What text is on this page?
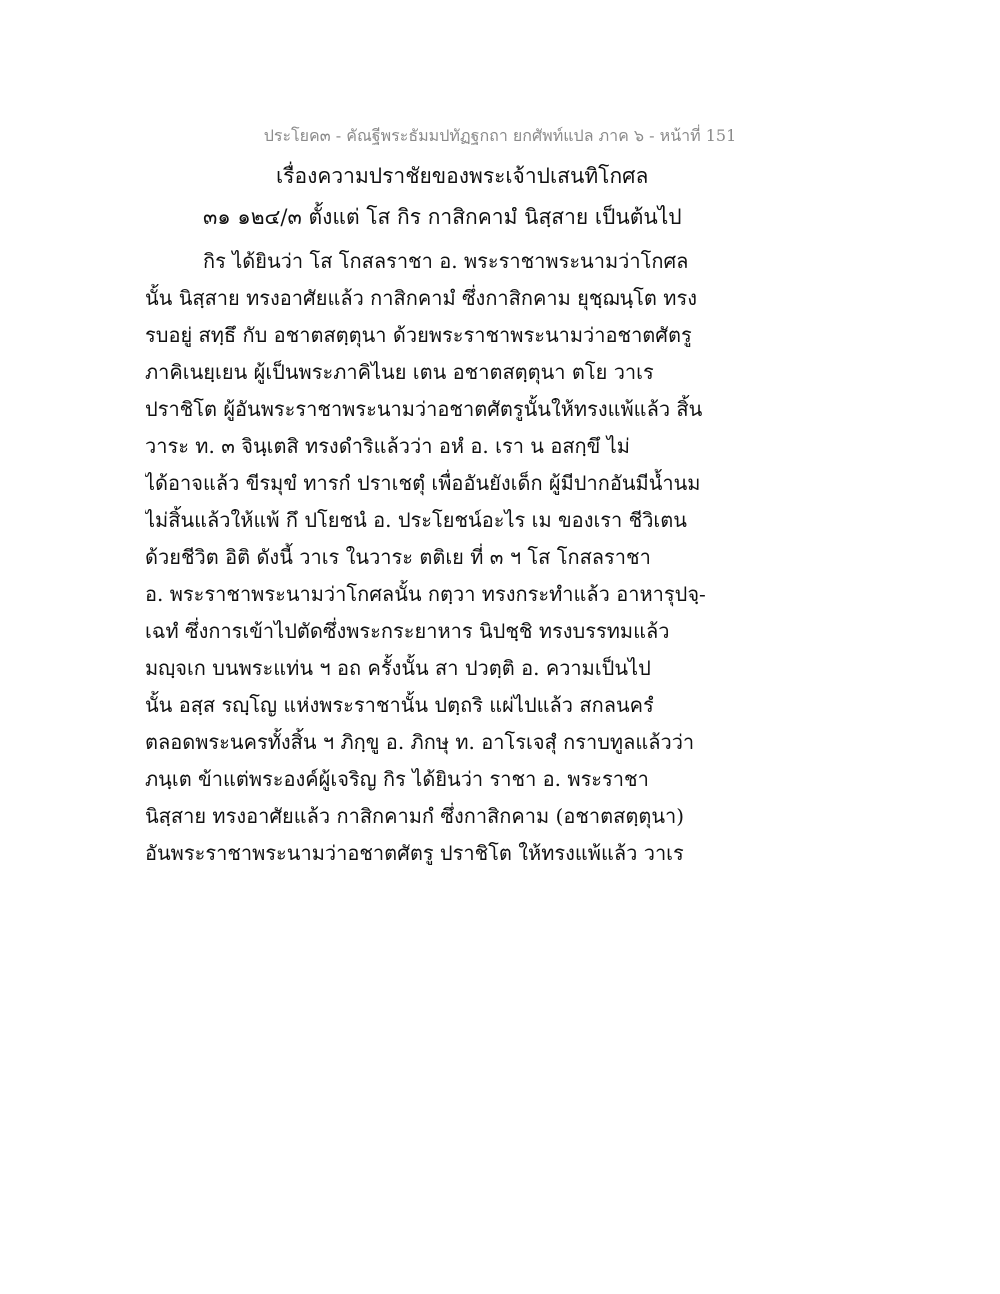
ประโยค๓ - คัณฐีพระธัมมปทัฏฐกถา ยกศัพท์แปล ภาค ๖ - หน้าที่ 151
เรื่องความปราชัยของพระเจ้าปเสนทิโกศล
๓๑ ๑๒๔/๓ ตั้งแต่ โส กิร กาสิกคามํ นิสฺสาย เป็นต้นไป
กิร ได้ยินว่า โส โกสลราชา อ. พระราชาพระนามว่าโกศล
นั้น นิสฺสาย ทรงอาศัยแล้ว กาสิกคามํ ซึ่งกาสิกคาม ยุชฺฌนฺโต ทรง
รบอยู่ สทฺธึ กับ อชาตสตฺตุนา ด้วยพระราชาพระนามว่าอชาตศัตรู
ภาคิเนยฺเยน ผู้เป็นพระภาคิไนย เตน อชาตสตฺตุนา ตโย วาเร
ปราชิโต ผู้อันพระราชาพระนามว่าอชาตศัตรูนั้นให้ทรงแพ้แล้ว สิ้น
วาระ ท. ๓ จินฺเตสิ ทรงดำริแล้วว่า อหํ อ. เรา น อสกฺขึ ไม่
ได้อาจแล้ว ขีรมุขํ ทารกํ ปราเชตุํ เพื่ออันยังเด็ก ผู้มีปากอันมีน้ำนม
ไม่สิ้นแล้วให้แพ้ กึ ปโยชนํ อ. ประโยชน์อะไร เม ของเรา ชีวิเตน
ด้วยชีวิต อิติ ดังนี้ วาเร ในวาระ ตติเย ที่ ๓ ฯ โส โกสลราชา
อ. พระราชาพระนามว่าโกศลนั้น กตฺวา ทรงกระทำแล้ว อาหารุปจฺ-
เฉทํ ซึ่งการเข้าไปตัดซึ่งพระกระยาหาร นิปชฺชิ ทรงบรรทมแล้ว
มญฺจเก บนพระแท่น ฯ อถ ครั้งนั้น สา ปวตฺติ อ. ความเป็นไป
นั้น อสฺส รญฺโญ แห่งพระราชานั้น ปตฺถริ แผ่ไปแล้ว สกลนครํ
ตลอดพระนครทั้งสิ้น ฯ ภิกฺขู อ. ภิกษุ ท. อาโรเจสุํ กราบทูลแล้วว่า
ภนฺเต ข้าแต่พระองค์ผู้เจริญ กิร ได้ยินว่า ราชา อ. พระราชา
นิสฺสาย ทรงอาศัยแล้ว กาสิกคามกํ ซึ่งกาสิกคาม (อชาตสตฺตุนา)
อันพระราชาพระนามว่าอชาตศัตรู ปราชิโต ให้ทรงแพ้แล้ว วาเร
